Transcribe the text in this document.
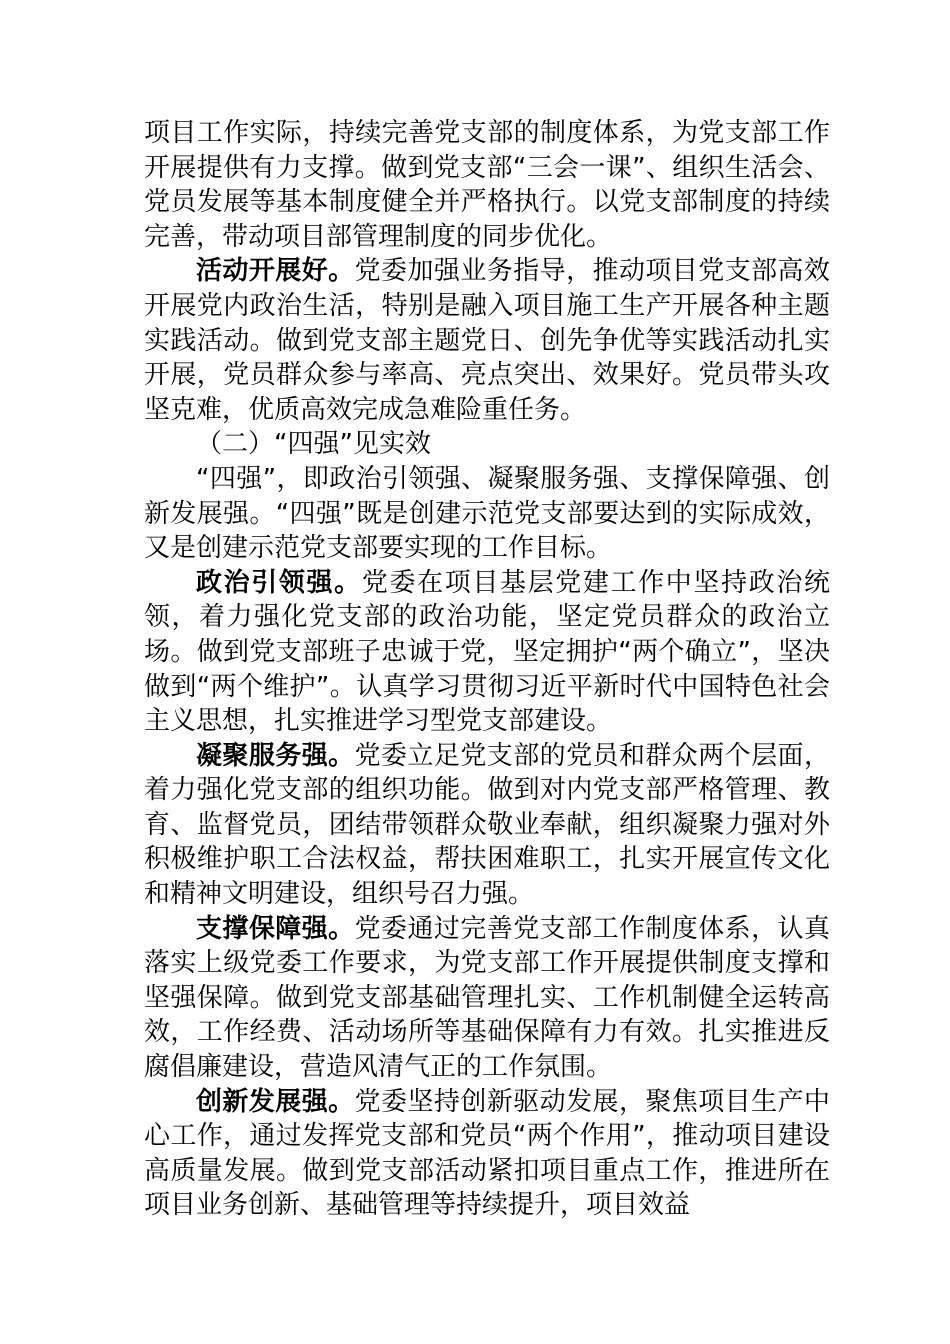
项目工作实际，持续完善党支部的制度体系，为党支部工作开展提供有力支撑。做到党支部“三会一课”、组织生活会、党员发展等基本制度健全并严格执行。以党支部制度的持续完善，带动项目部管理制度的同步优化。

活动开展好。党委加强业务指导，推动项目党支部高效开展党内政治生活，特别是融入项目施工生产开展各种主题实践活动。做到党支部主题党日、创先争优等实践活动扎实开展，党员群众参与率高、亮点突出、效果好。党员带头攻坚克难，优质高效完成急难险重任务。

（二）“四强”见实效

“四强”，即政治引领强、凝聚服务强、支撑保障强、创新发展强。“四强”既是创建示范党支部要达到的实际成效，又是创建示范党支部要实现的工作目标。

政治引领强。党委在项目基层党建工作中坚持政治统领，着力强化党支部的政治功能，坚定党员群众的政治立场。做到党支部班子忠诚于党，坚定拥护“两个确立”，坚决做到“两个维护”。认真学习贯彻习近平新时代中国特色社会主义思想，扎实推进学习型党支部建设。

凝聚服务强。党委立足党支部的党员和群众两个层面，着力强化党支部的组织功能。做到对内党支部严格管理、教育、监督党员，团结带领群众敬业奉献，组织凝聚力强对外积极维护职工合法权益，帮扶困难职工，扎实开展宣传文化和精神文明建设，组织号召力强。

支撑保障强。党委通过完善党支部工作制度体系，认真落实上级党委工作要求，为党支部工作开展提供制度支撑和坚强保障。做到党支部基础管理扎实、工作机制健全运转高效，工作经费、活动场所等基础保障有力有效。扎实推进反腐倡廉建设，营造风清气正的工作氛围。

创新发展强。党委坚持创新驱动发展，聚焦项目生产中心工作，通过发挥党支部和党员“两个作用”，推动项目建设高质量发展。做到党支部活动紧扣项目重点工作，推进所在项目业务创新、基础管理等持续提升，项目效益
